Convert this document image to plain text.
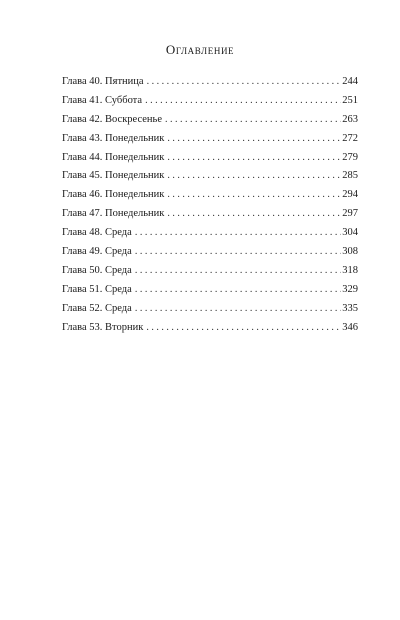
Оглавление
Глава 40. Пятница . . .	244
Глава 41. Суббота . . .	251
Глава 42. Воскресенье . . .	263
Глава 43. Понедельник . . .	272
Глава 44. Понедельник . . .	279
Глава 45. Понедельник . . .	285
Глава 46. Понедельник . . .	294
Глава 47. Понедельник . . .	297
Глава 48. Среда . . .	304
Глава 49. Среда . . .	308
Глава 50. Среда . . .	318
Глава 51. Среда . . .	329
Глава 52. Среда . . .	335
Глава 53. Вторник . . .	346
